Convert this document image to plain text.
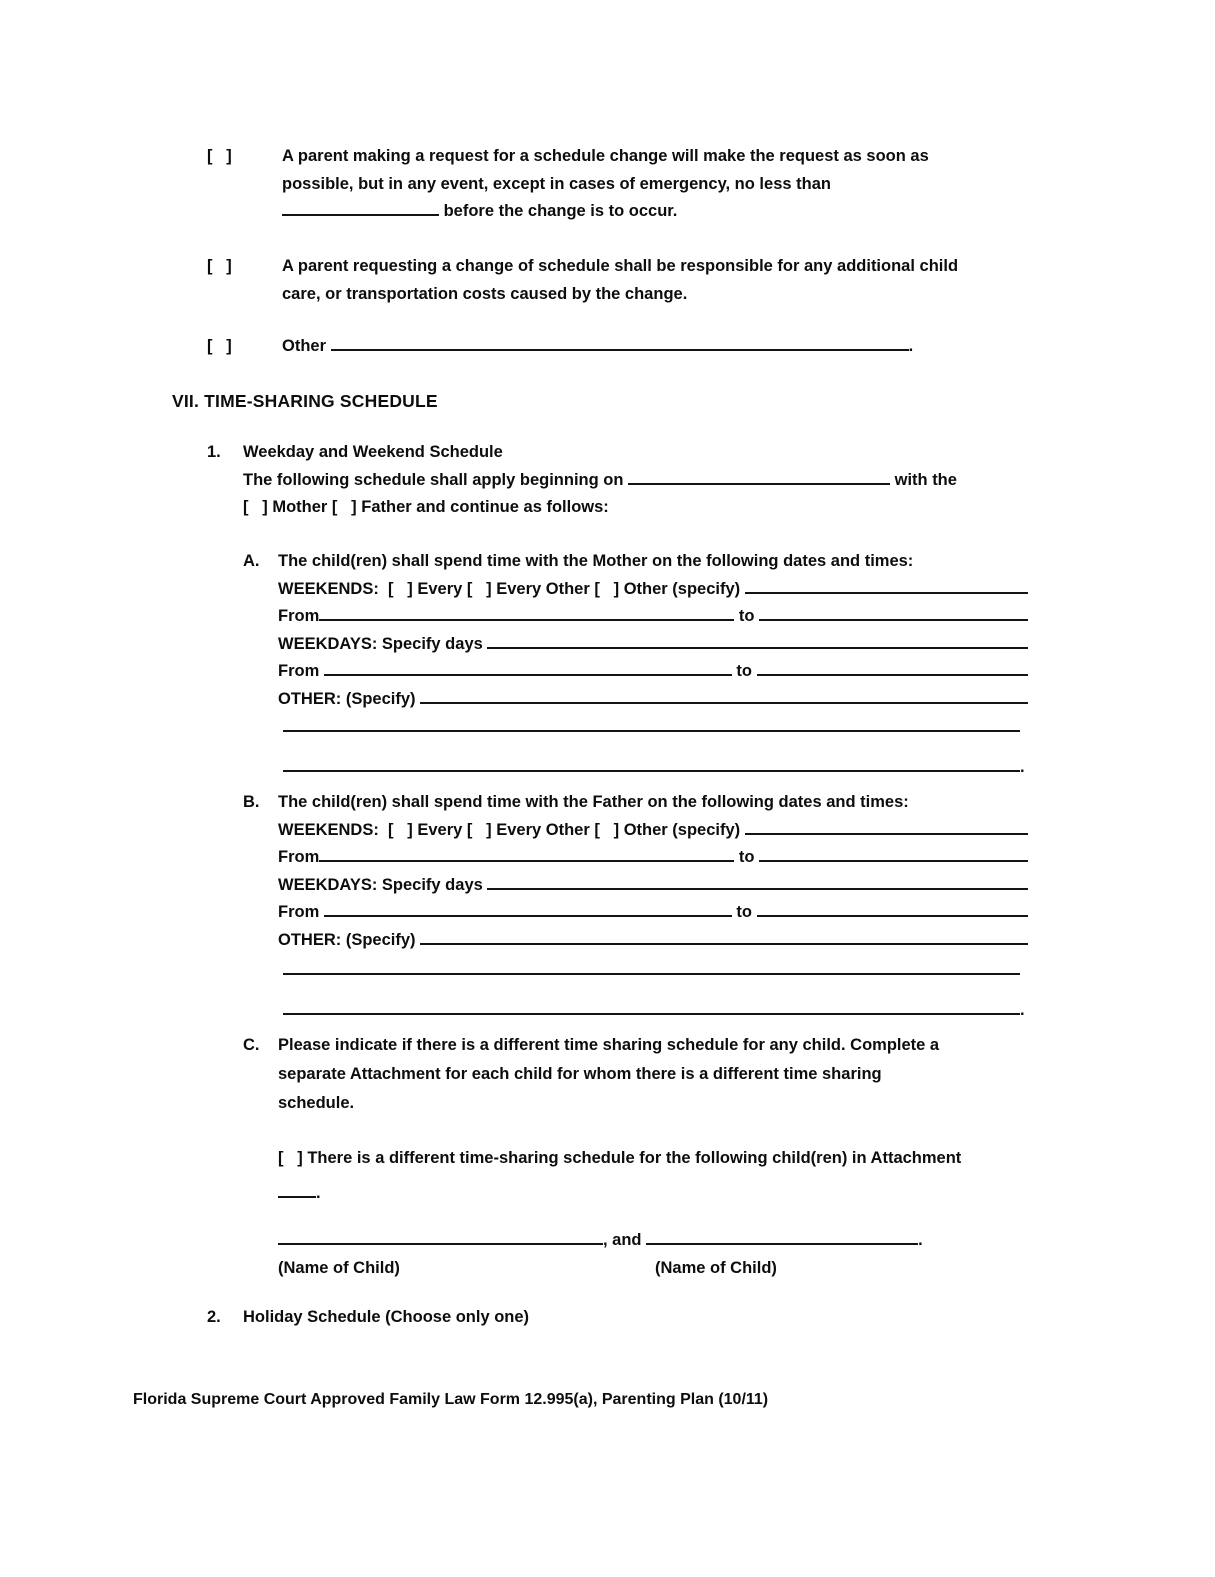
[   ]	A parent making a request for a schedule change will make the request as soon as
possible, but in any event, except in cases of emergency, no less than
before the change is to occur.
[   ]	A parent requesting a change of schedule shall be responsible for any additional child
care, or transportation costs caused by the change.
[   ]	Other	.
VII. TIME-SHARING SCHEDULE
1.	Weekday and Weekend Schedule
The following schedule shall apply beginning on	with the
[   ] Mother [   ] Father and continue as follows:
A.	The child(ren) shall spend time with the Mother on the following dates and times:
WEEKENDS: [   ] Every [   ] Every Other [   ] Other (specify)
From	to
WEEKDAYS: Specify days
From	to
OTHER: (Specify)
.
B.	The child(ren) shall spend time with the Father on the following dates and times:
WEEKENDS: [   ] Every [   ] Every Other [   ] Other (specify)
From	to
WEEKDAYS: Specify days
From	to
OTHER: (Specify)
.
C.	Please indicate if there is a different time sharing schedule for any child. Complete a
separate Attachment for each child for whom there is a different time sharing
schedule.
[   ] There is a different time-sharing schedule for the following child(ren) in Attachment
.
, and	.
(Name of Child)	(Name of Child)
2.	Holiday Schedule (Choose only one)
Florida Supreme Court Approved Family Law Form 12.995(a), Parenting Plan (10/11)
